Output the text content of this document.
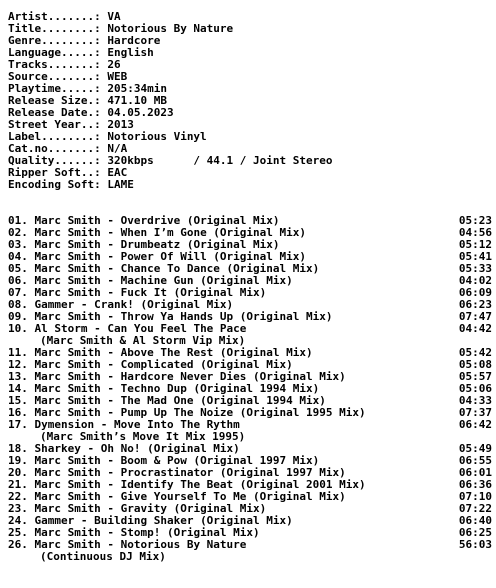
Artist.......: VA
Title........: Notorious By Nature
Genre........: Hardcore
Language.....: English
Tracks.......: 26
Source.......: WEB
Playtime.....: 205:34min
Release Size.: 471.10 MB
Release Date.: 04.05.2023
Street Year..: 2013
Label........: Notorious Vinyl
Cat.no.......: N/A
Quality......: 320kbps      / 44.1 / Joint Stereo
Ripper Soft..: EAC
Encoding Soft: LAME
01. Marc Smith - Overdrive (Original Mix)	05:23
02. Marc Smith - When I’m Gone (Original Mix)	04:56
03. Marc Smith - Drumbeatz (Original Mix)	05:12
04. Marc Smith - Power Of Will (Original Mix)	05:41
05. Marc Smith - Chance To Dance (Original Mix)	05:33
06. Marc Smith - Machine Gun (Original Mix)	04:02
07. Marc Smith - Fuck It (Original Mix)	06:09
08. Gammer - Crank! (Original Mix)	06:23
09. Marc Smith - Throw Ya Hands Up (Original Mix)	07:47
10. Al Storm - Can You Feel The Pace	04:42
(Marc Smith & Al Storm Vip Mix)
11. Marc Smith - Above The Rest (Original Mix)	05:42
12. Marc Smith - Complicated (Original Mix)	05:08
13. Marc Smith - Hardcore Never Dies (Original Mix)	05:57
14. Marc Smith - Techno Dup (Original 1994 Mix)	05:06
15. Marc Smith - The Mad One (Original 1994 Mix)	04:33
16. Marc Smith - Pump Up The Noize (Original 1995 Mix)	07:37
17. Dymension - Move Into The Rythm	06:42
(Marc Smith’s Move It Mix 1995)
18. Sharkey - Oh No! (Original Mix)	05:49
19. Marc Smith - Boom & Pow (Original 1997 Mix)	06:55
20. Marc Smith - Procrastinator (Original 1997 Mix)	06:01
21. Marc Smith - Identify The Beat (Original 2001 Mix)	06:36
22. Marc Smith - Give Yourself To Me (Original Mix)	07:10
23. Marc Smith - Gravity (Original Mix)	07:22
24. Gammer - Building Shaker (Original Mix)	06:40
25. Marc Smith - Stomp! (Original Mix)	06:25
26. Marc Smith - Notorious By Nature	56:03
(Continuous DJ Mix)
